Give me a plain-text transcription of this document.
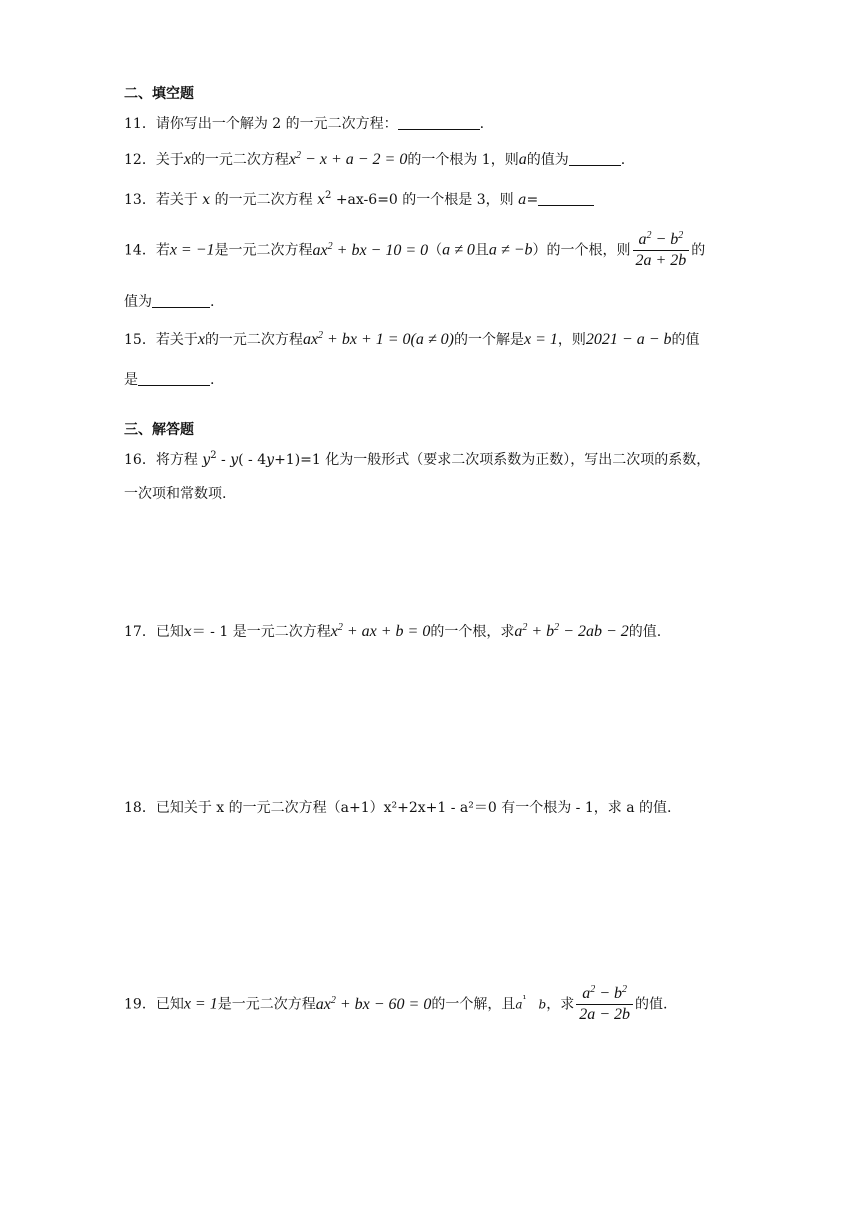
二、填空题
11．请你写出一个解为 2 的一元二次方程：	.
12．关于x的一元二次方程$x^2 - x + a - 2 = 0$的一个根为 1，则a的值为	.
13．若关于 x 的一元二次方程 $x^2 +ax-6=0$ 的一个根是 3，则 a=
14．若x = −1是一元二次方程$ax^2$ + bx − 10 = 0（a ≠ 0且a ≠ −b）的一个根，则 $\frac{a^2 - b^2}{2a + 2b}$ 的
值为	.
15．若关于x的一元二次方程$ax^2$ + bx + 1 = 0(a ≠ 0)的一个解是x = 1，则2021 − a − b的值
是	.
三、解答题
16．将方程 $y^2 - y( - 4y+1)=1$ 化为一般形式（要求二次项系数为正数），写出二次项的系数，
一次项和常数项.
17．已知x＝ - 1 是一元二次方程$x^2$ + ax + b = 0的一个根，求$a^2 + b^2 - 2ab - 2$的值.
18．已知关于 x 的一元二次方程（a+1）x²+2x+1 - a²＝0 有一个根为 - 1，求 a 的值.
19．已知x = 1是一元二次方程$ax^2$ + bx − 60 = 0的一个解，且$a^{^1}$ b，求 $\frac{a^2 - b^2}{2a - 2b}$ 的值.
